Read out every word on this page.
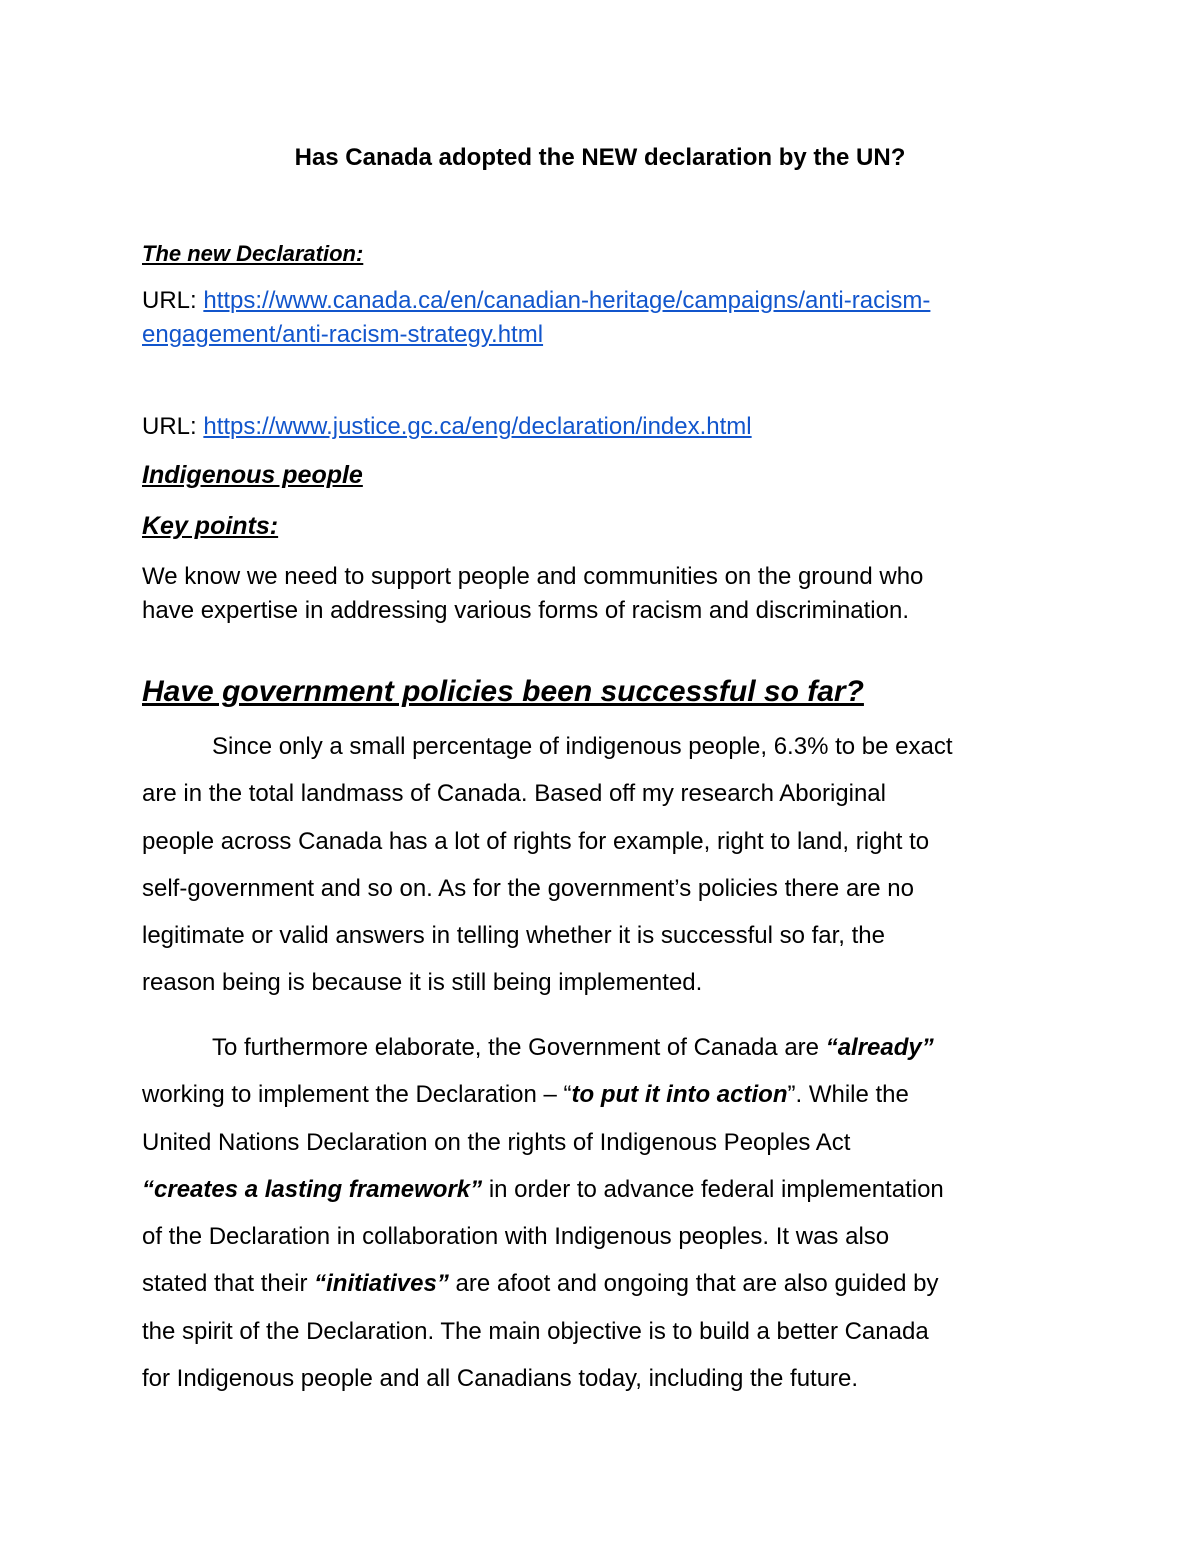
Has Canada adopted the NEW declaration by the UN?
The new Declaration:
URL: https://www.canada.ca/en/canadian-heritage/campaigns/anti-racism-
engagement/anti-racism-strategy.html
URL: https://www.justice.gc.ca/eng/declaration/index.html
Indigenous people
Key points:
We know we need to support people and communities on the ground who
have expertise in addressing various forms of racism and discrimination.
Have government policies been successful so far?
Since only a small percentage of indigenous people, 6.3% to be exact
are in the total landmass of Canada. Based off my research Aboriginal
people across Canada has a lot of rights for example, right to land, right to
self-government and so on. As for the government’s policies there are no
legitimate or valid answers in telling whether it is successful so far, the
reason being is because it is still being implemented.
To furthermore elaborate, the Government of Canada are “already”
working to implement the Declaration – “to put it into action”. While the
United Nations Declaration on the rights of Indigenous Peoples Act
“creates a lasting framework” in order to advance federal implementation
of the Declaration in collaboration with Indigenous peoples. It was also
stated that their “initiatives” are afoot and ongoing that are also guided by
the spirit of the Declaration. The main objective is to build a better Canada
for Indigenous people and all Canadians today, including the future.
